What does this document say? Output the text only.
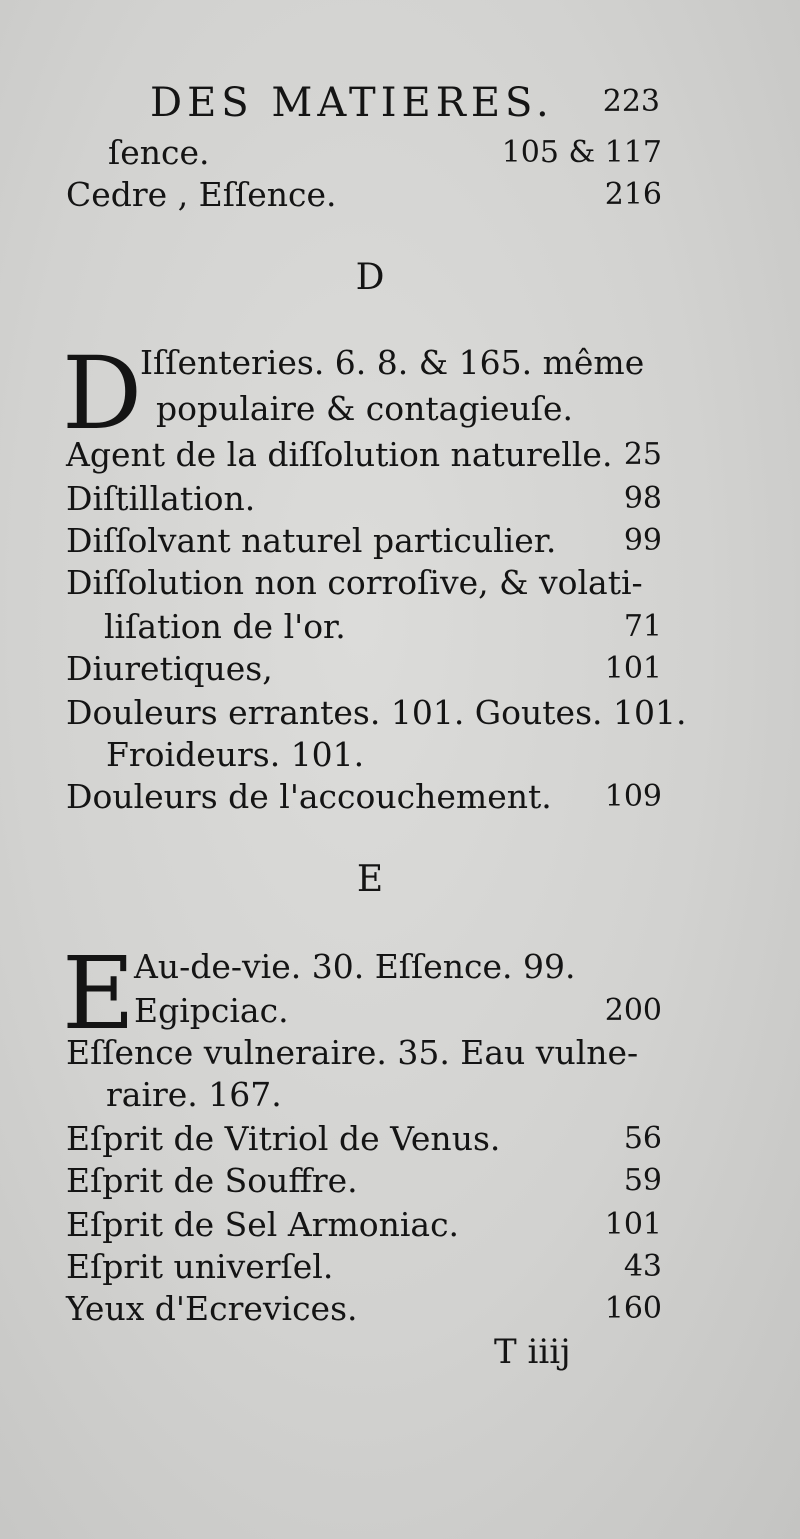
DES MATIERES. 223
ſence.	105 & 117
Cedre , Eſſence.	216
D
D
Iſſenteries. 6. 8. & 165. même
populaire & contagieuſe.
Agent de la diſſolution naturelle. 25
Diſtillation.	98
Diſſolvant naturel particulier. 99
Diſſolution non corroſive, & volati-
liſation de l'or.	71
Diuretiques,	101
Douleurs errantes. 101. Goutes. 101.
Froideurs. 101.
Douleurs de l'accouchement. 109
E
E Au-de-vie. 30. Eſſence. 99.
Egipciac.	200
Eſſence vulneraire. 35. Eau vulne-
raire. 167.
Eſprit de Vitriol de Venus.	56
Eſprit de Souffre.	59
Eſprit de Sel Armoniac.	101
Eſprit univerſel.	43
Yeux d'Ecrevices.	160
T iiij
